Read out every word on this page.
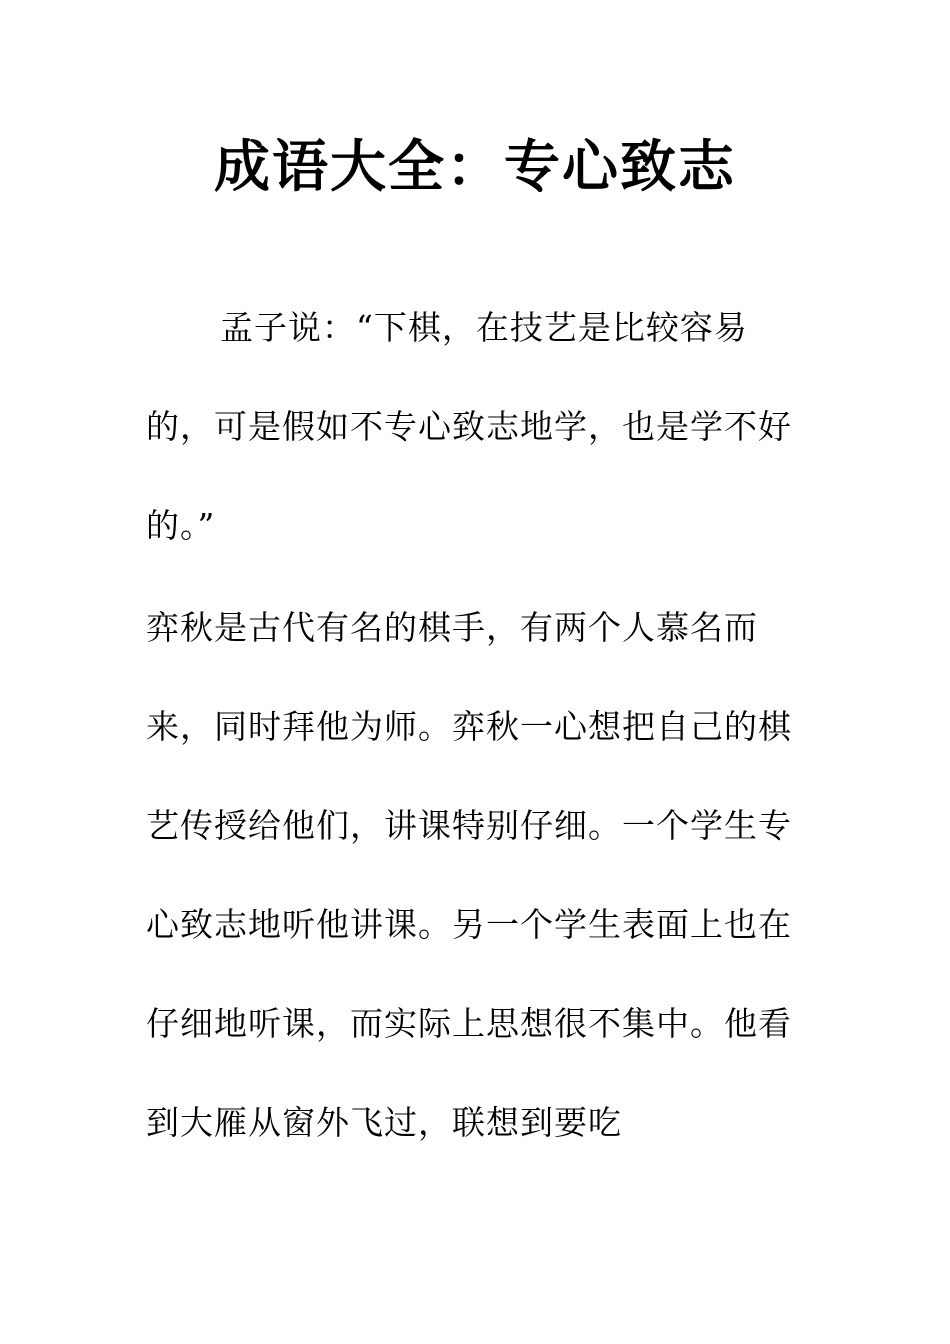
成语大全：专心致志

孟子说：“下棋，在技艺是比较容易的，可是假如不专心致志地学，也是学不好的。”

弈秋是古代有名的棋手，有两个人慕名而来，同时拜他为师。弈秋一心想把自己的棋艺传授给他们，讲课特别仔细。一个学生专心致志地听他讲课。另一个学生表面上也在仔细地听课，而实际上思想很不集中。他看到大雁从窗外飞过，联想到要吃
